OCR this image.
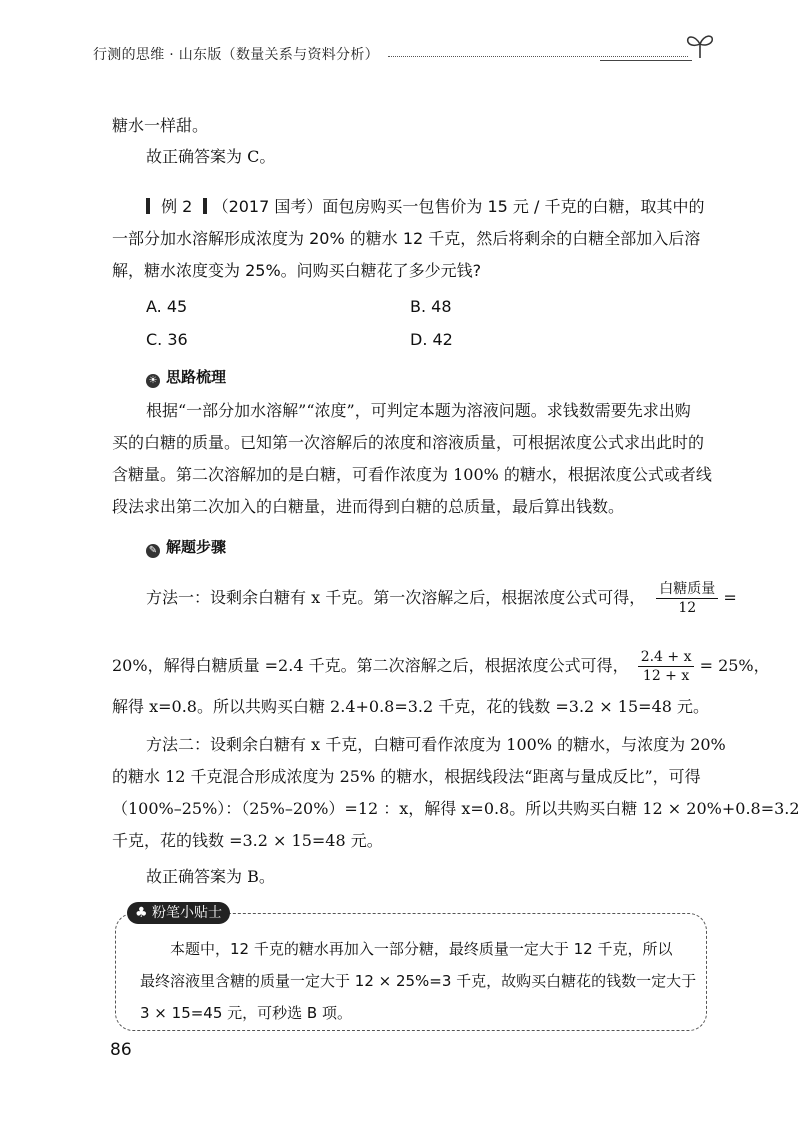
行测的思维 · 山东版（数量关系与资料分析）
糖水一样甜。
故正确答案为 C。
例 2 （2017 国考）面包房购买一包售价为 15 元 / 千克的白糖，取其中的
一部分加水溶解形成浓度为 20% 的糖水 12 千克，然后将剩余的白糖全部加入后溶
解，糖水浓度变为 25%。问购买白糖花了多少元钱?
A. 45	B. 48
C. 36	D. 42
☀ 思路梳理
根据“一部分加水溶解”“浓度”，可判定本题为溶液问题。求钱数需要先求出购
买的白糖的质量。已知第一次溶解后的浓度和溶液质量，可根据浓度公式求出此时的
含糖量。第二次溶解加的是白糖，可看作浓度为 100% 的糖水，根据浓度公式或者线
段法求出第二次加入的白糖量，进而得到白糖的总质量，最后算出钱数。
✎ 解题步骤
方法一：设剩余白糖有 x 千克。第一次溶解之后，根据浓度公式可得， $\frac{\text{白糖质量}}{12}$ =
20%，解得白糖质量 =2.4 千克。第二次溶解之后，根据浓度公式可得， $\frac{2.4 + x}{12 + x} = 25\%$，
解得 x=0.8。所以共购买白糖 2.4+0.8=3.2 千克，花的钱数 =3.2 × 15=48 元。
方法二：设剩余白糖有 x 千克，白糖可看作浓度为 100% 的糖水，与浓度为 20%
的糖水 12 千克混合形成浓度为 25% 的糖水，根据线段法“距离与量成反比”，可得
（100%–25%）：（25%–20%）=12 ：x，解得 x=0.8。所以共购买白糖 12 × 20%+0.8=3.2
千克，花的钱数 =3.2 × 15=48 元。
故正确答案为 B。
♣ 粉笔小贴士
本题中，12 千克的糖水再加入一部分糖，最终质量一定大于 12 千克，所以
最终溶液里含糖的质量一定大于 12 × 25%=3 千克，故购买白糖花的钱数一定大于
3 × 15=45 元，可秒选 B 项。
86
